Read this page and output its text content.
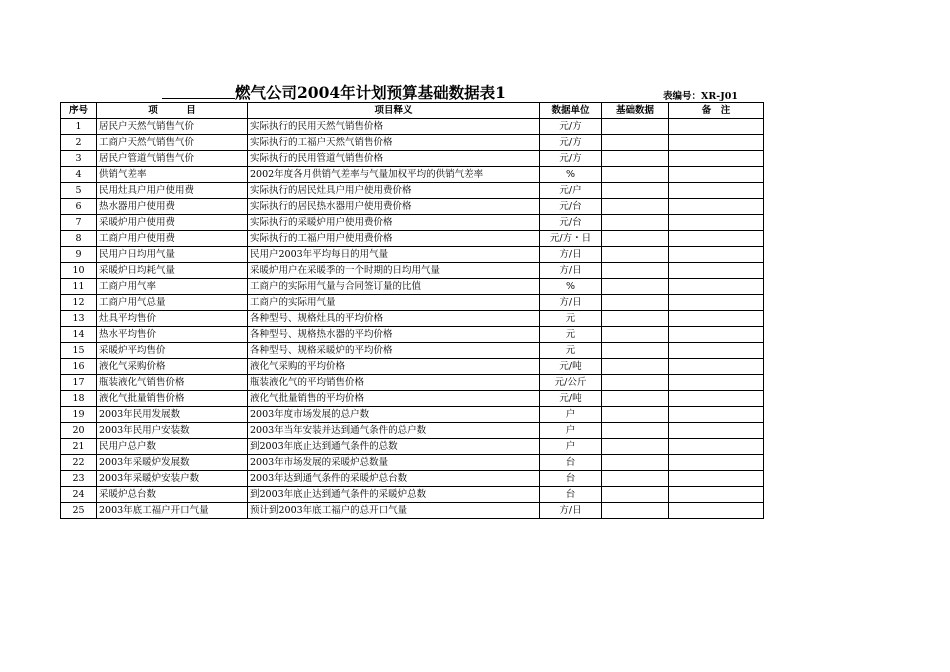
燃气公司2004年计划预算基础数据表1	表编号：XR-J01
序号	项　　　目	项目释义	数据单位	基础数据	备　注
1	居民户天然气销售气价	实际执行的民用天然气销售价格	元/方		
2	工商户天然气销售气价	实际执行的工福户天然气销售价格	元/方		
3	居民户管道气销售气价	实际执行的民用管道气销售价格	元/方		
4	供销气差率	2002年度各月供销气差率与气量加权平均的供销气差率	%		
5	民用灶具户用户使用费	实际执行的居民灶具户用户使用费价格	元/户		
6	热水器用户使用费	实际执行的居民热水器用户使用费价格	元/台		
7	采暖炉用户使用费	实际执行的采暖炉用户使用费价格	元/台		
8	工商户用户使用费	实际执行的工福户用户使用费价格	元/方・日		
9	民用户日均用气量	民用户2003年平均每日的用气量	方/日		
10	采暖炉日均耗气量	采暖炉用户在采暖季的一个时期的日均用气量	方/日		
11	工商户用气率	工商户的实际用气量与合同签订量的比值	%		
12	工商户用气总量	工商户的实际用气量	方/日		
13	灶具平均售价	各种型号、规格灶具的平均价格	元		
14	热水平均售价	各种型号、规格热水器的平均价格	元		
15	采暖炉平均售价	各种型号、规格采暖炉的平均价格	元		
16	液化气采购价格	液化气采购的平均价格	元/吨		
17	瓶装液化气销售价格	瓶装液化气的平均销售价格	元/公斤		
18	液化气批量销售价格	液化气批量销售的平均价格	元/吨		
19	2003年民用发展数	2003年度市场发展的总户数	户		
20	2003年民用户安装数	2003年当年安装并达到通气条件的总户数	户		
21	民用户总户数	到2003年底止达到通气条件的总数	户		
22	2003年采暖炉发展数	2003年市场发展的采暖炉总数量	台		
23	2003年采暖炉安装户数	2003年达到通气条件的采暖炉总台数	台		
24	采暖炉总台数	到2003年底止达到通气条件的采暖炉总数	台		
25	2003年底工福户开口气量	预计到2003年底工福户的总开口气量	方/日		
